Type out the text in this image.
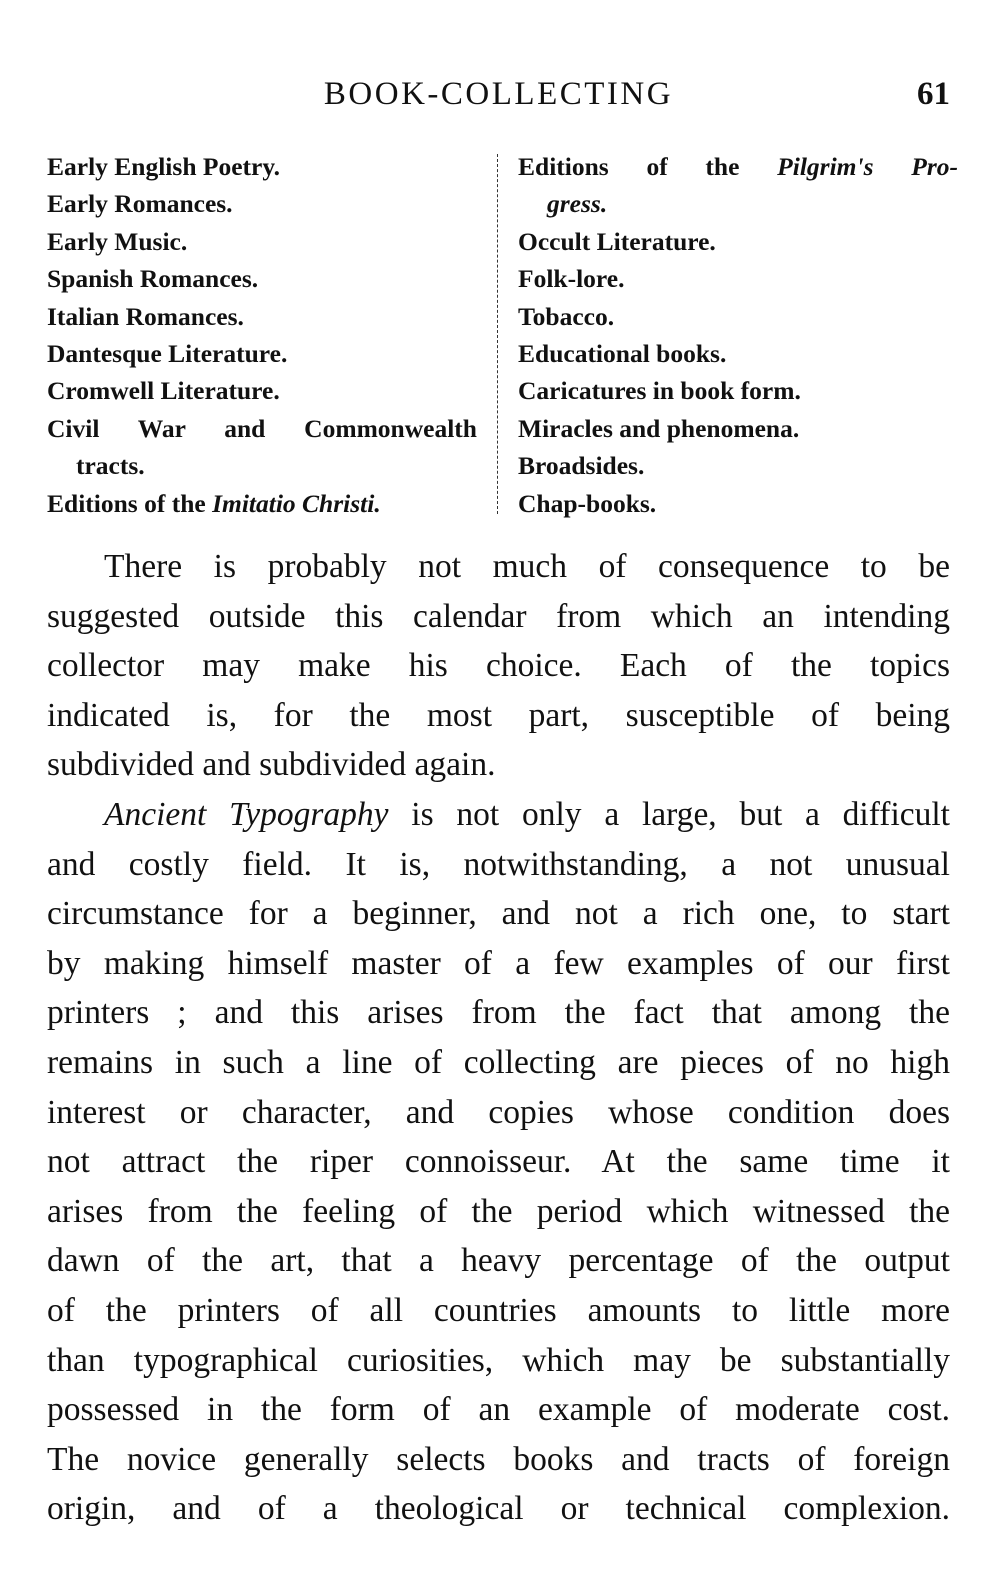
BOOK-COLLECTING	61
Early English Poetry.
Early Romances.
Early Music.
Spanish Romances.
Italian Romances.
Dantesque Literature.
Cromwell Literature.
Civil War and Commonwealth
tracts.
Editions of the Imitatio Christi.
Editions of the Pilgrim's Pro-
gress.
Occult Literature.
Folk-lore.
Tobacco.
Educational books.
Caricatures in book form.
Miracles and phenomena.
Broadsides.
Chap-books.
There is probably not much of consequence to be
suggested outside this calendar from which an intending
collector may make his choice. Each of the topics
indicated is, for the most part, susceptible of being
subdivided and subdivided again.
Ancient Typography is not only a large, but a difficult
and costly field. It is, notwithstanding, a not unusual
circumstance for a beginner, and not a rich one, to start
by making himself master of a few examples of our first
printers ; and this arises from the fact that among the
remains in such a line of collecting are pieces of no high
interest or character, and copies whose condition does
not attract the riper connoisseur. At the same time it
arises from the feeling of the period which witnessed the
dawn of the art, that a heavy percentage of the output
of the printers of all countries amounts to little more
than typographical curiosities, which may be substantially
possessed in the form of an example of moderate cost.
The novice generally selects books and tracts of foreign
origin, and of a theological or technical complexion.
